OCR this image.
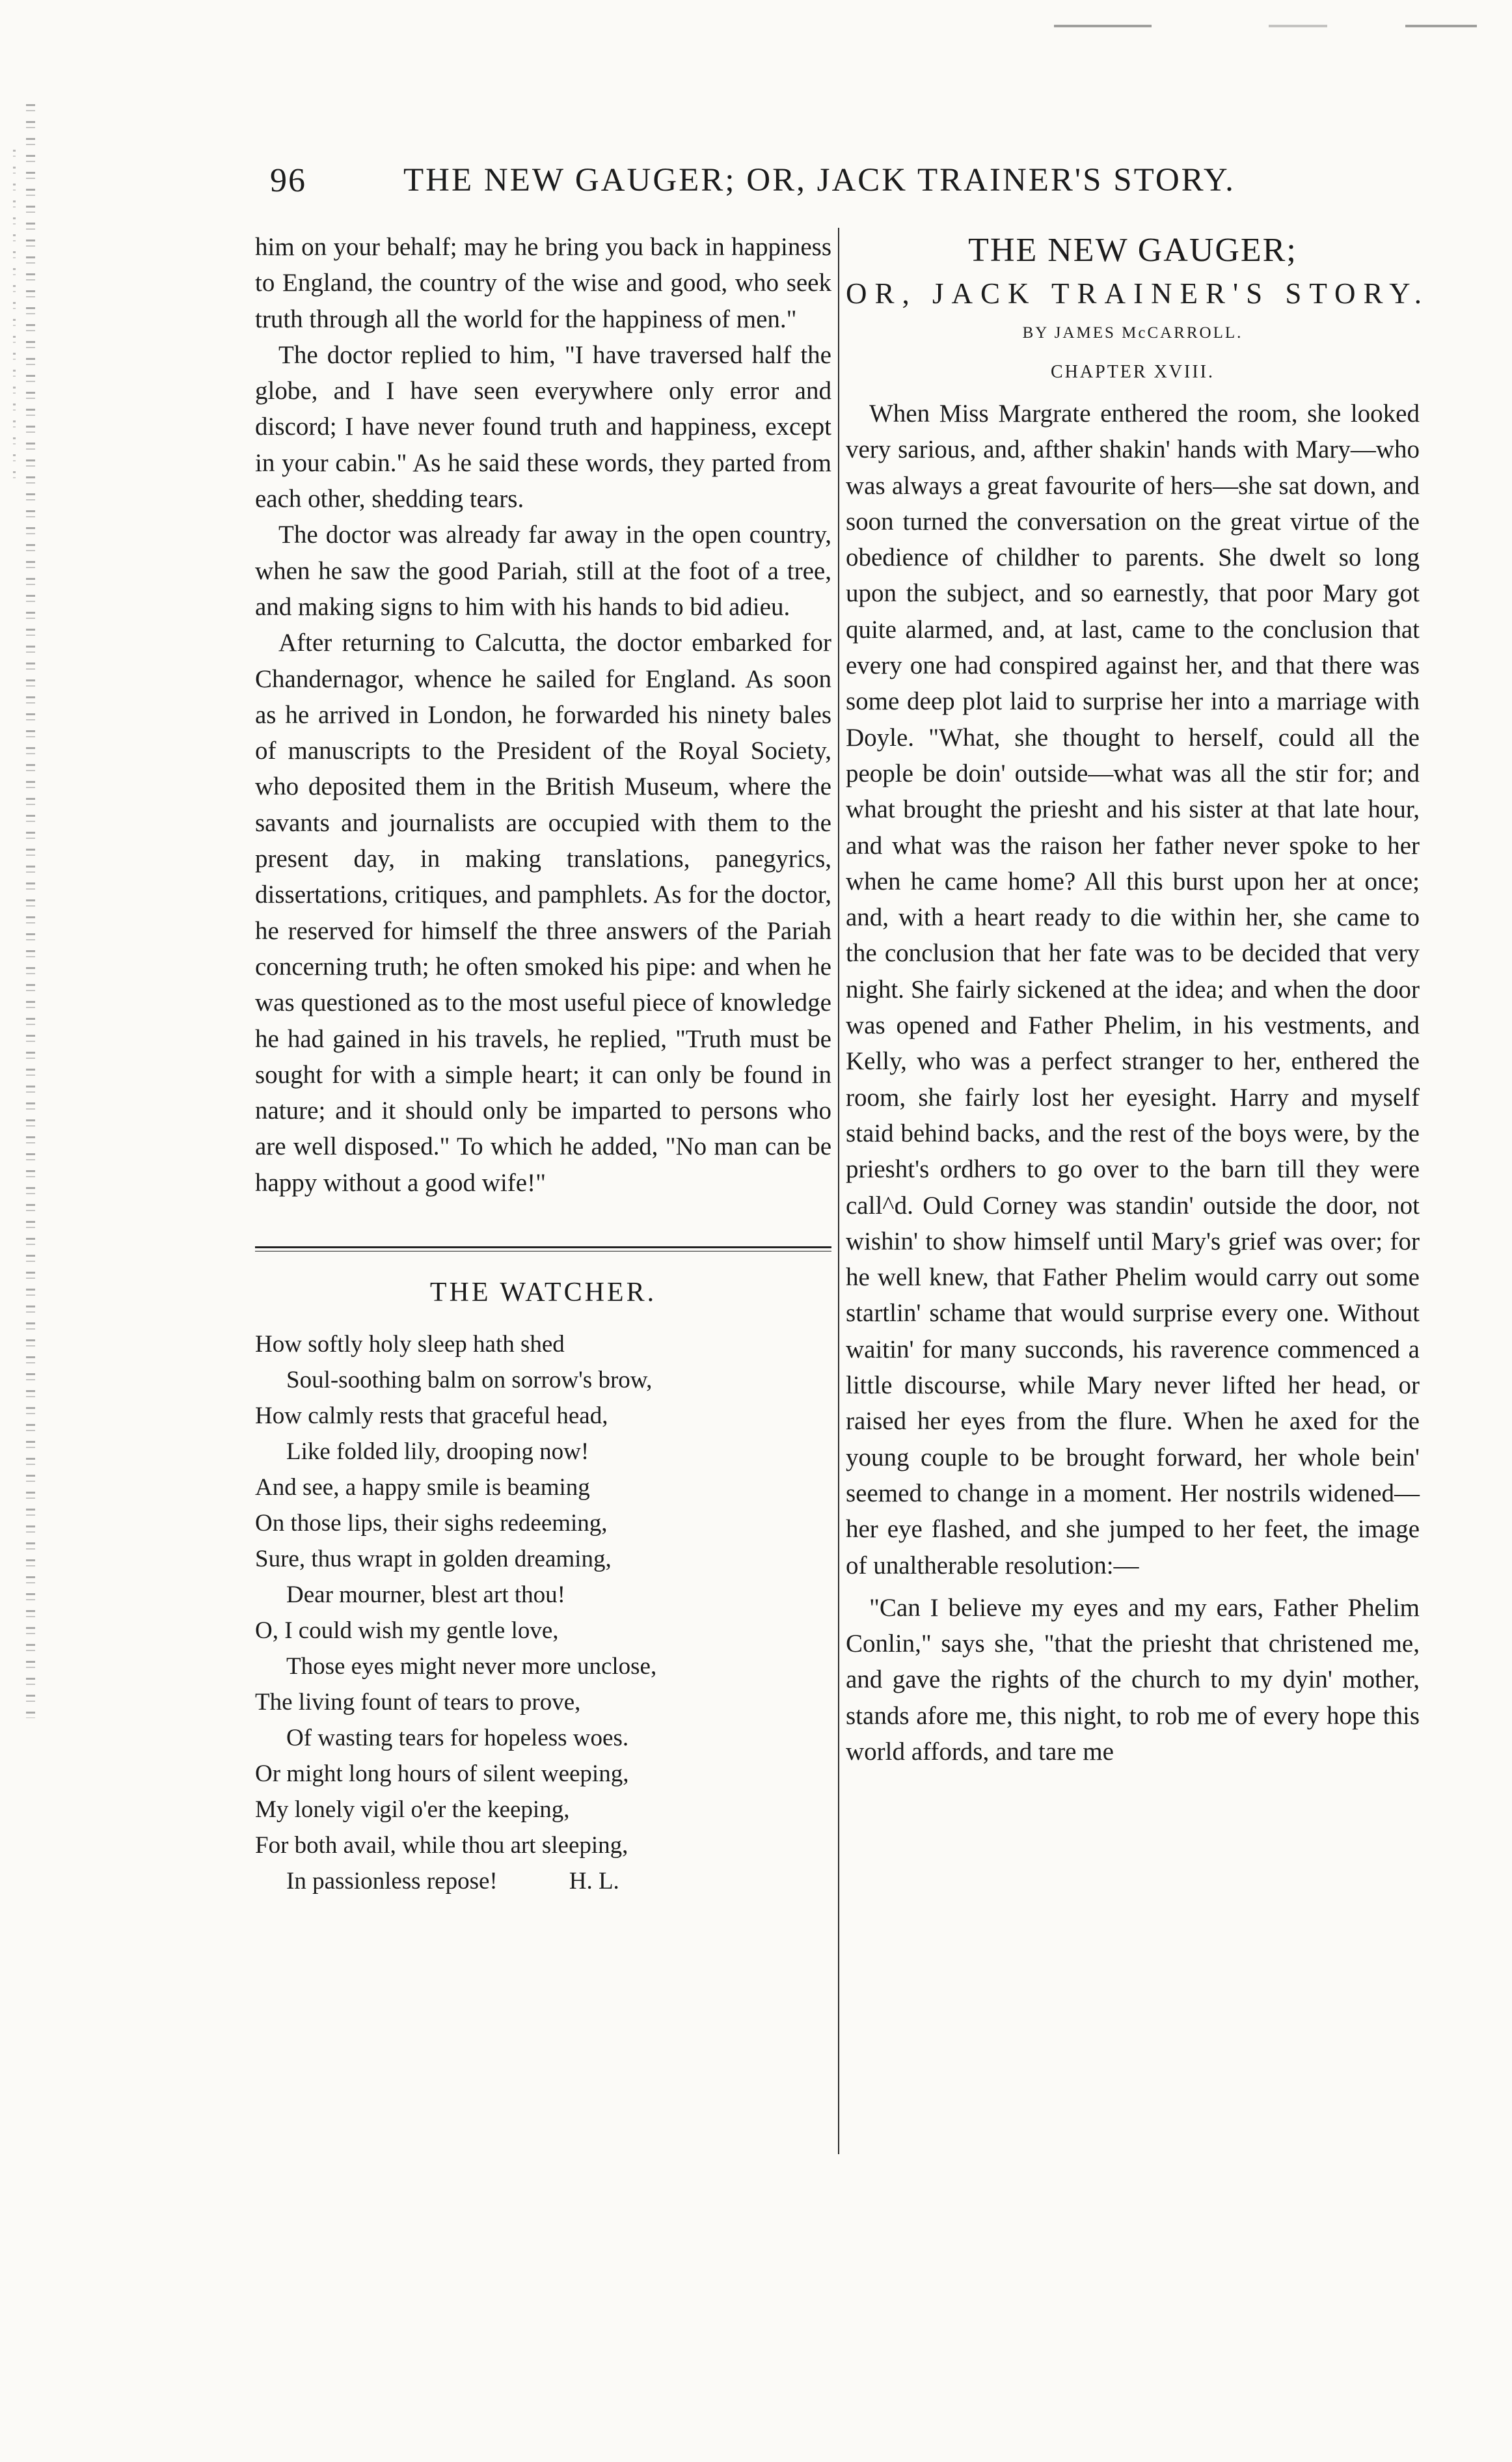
96	THE NEW GAUGER; OR, JACK TRAINER'S STORY.

him on your behalf; may he bring you back in happiness to England, the country of the wise and good, who seek truth through all the world for the happiness of men."

The doctor replied to him, "I have traversed half the globe, and I have seen everywhere only error and discord; I have never found truth and happiness, except in your cabin." As he said these words, they parted from each other, shedding tears.

The doctor was already far away in the open country, when he saw the good Pariah, still at the foot of a tree, and making signs to him with his hands to bid adieu.

After returning to Calcutta, the doctor embarked for Chandernagor, whence he sailed for England. As soon as he arrived in London, he forwarded his ninety bales of manuscripts to the President of the Royal Society, who deposited them in the British Museum, where the savants and journalists are occupied with them to the present day, in making translations, panegyrics, dissertations, critiques, and pamphlets. As for the doctor, he reserved for himself the three answers of the Pariah concerning truth; he often smoked his pipe: and when he was questioned as to the most useful piece of knowledge he had gained in his travels, he replied, "Truth must be sought for with a simple heart; it can only be found in nature; and it should only be imparted to persons who are well disposed." To which he added, "No man can be happy without a good wife!"

THE WATCHER.
How softly holy sleep hath shed
Soul-soothing balm on sorrow's brow,
How calmly rests that graceful head,
Like folded lily, drooping now!
And see, a happy smile is beaming
On those lips, their sighs redeeming,
Sure, thus wrapt in golden dreaming,
Dear mourner, blest art thou!
O, I could wish my gentle love,
Those eyes might never more unclose,
The living fount of tears to prove,
Of wasting tears for hopeless woes.
Or might long hours of silent weeping,
My lonely vigil o'er the keeping,
For both avail, while thou art sleeping,
In passionless repose!	H. L.
THE NEW GAUGER;
OR, JACK TRAINER'S STORY.
BY JAMES McCARROLL.
CHAPTER XVIII.

When Miss Margrate enthered the room, she looked very sarious, and, afther shakin' hands with Mary—who was always a great favourite of hers—she sat down, and soon turned the conversation on the great virtue of the obedience of childher to parents. She dwelt so long upon the subject, and so earnestly, that poor Mary got quite alarmed, and, at last, came to the conclusion that every one had conspired against her, and that there was some deep plot laid to surprise her into a marriage with Doyle. "What, she thought to herself, could all the people be doin' outside—what was all the stir for; and what brought the priesht and his sister at that late hour, and what was the raison her father never spoke to her when he came home? All this burst upon her at once; and, with a heart ready to die within her, she came to the conclusion that her fate was to be decided that very night. She fairly sickened at the idea; and when the door was opened and Father Phelim, in his vestments, and Kelly, who was a perfect stranger to her, enthered the room, she fairly lost her eyesight. Harry and myself staid behind backs, and the rest of the boys were, by the priesht's ordhers to go over to the barn till they were call^d. Ould Corney was standin' outside the door, not wishin' to show himself until Mary's grief was over; for he well knew, that Father Phelim would carry out some startlin' schame that would surprise every one. Without waitin' for many succonds, his raverence commenced a little discourse, while Mary never lifted her head, or raised her eyes from the flure. When he axed for the young couple to be brought forward, her whole bein' seemed to change in a moment. Her nostrils widened—her eye flashed, and she jumped to her feet, the image of unaltherable resolution:—

"Can I believe my eyes and my ears, Father Phelim Conlin," says she, "that the priesht that christened me, and gave the rights of the church to my dyin' mother, stands afore me, this night, to rob me of every hope this world affords, and tare me
